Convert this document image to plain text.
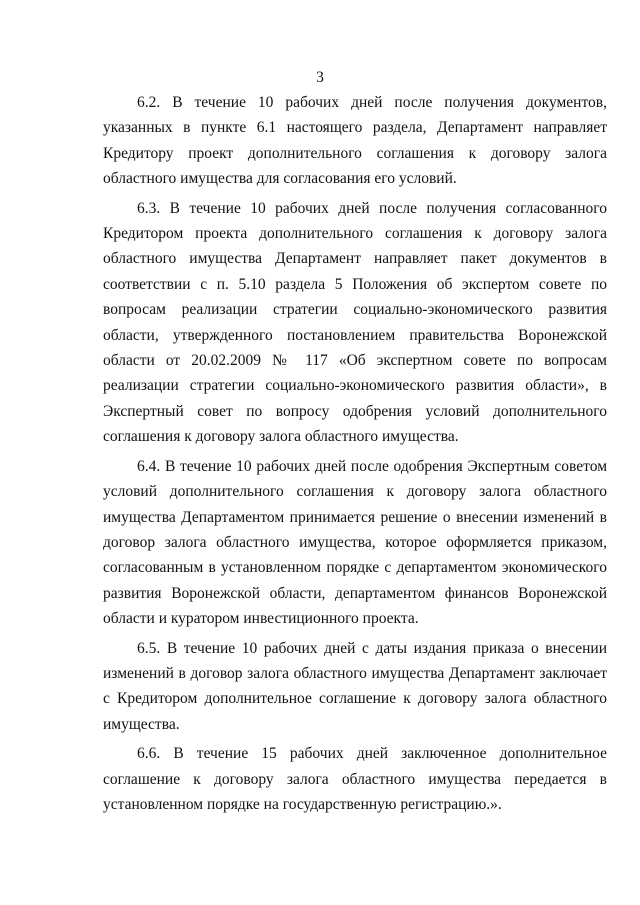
3

6.2. В течение 10 рабочих дней после получения документов, указанных в пункте 6.1 настоящего раздела, Департамент направляет Кредитору проект дополнительного соглашения к договору залога областного имущества для согласования его условий.

6.3. В течение 10 рабочих дней после получения согласованного Кредитором проекта дополнительного соглашения к договору залога областного имущества Департамент направляет пакет документов в соответствии с п. 5.10 раздела 5 Положения об экспертом совете по вопросам реализации стратегии социально-экономического развития области, утвержденного постановлением правительства Воронежской области от 20.02.2009 № 117 «Об экспертном совете по вопросам реализации стратегии социально-экономического развития области», в Экспертный совет по вопросу одобрения условий дополнительного соглашения к договору залога областного имущества.

6.4. В течение 10 рабочих дней после одобрения Экспертным советом условий дополнительного соглашения к договору залога областного имущества Департаментом принимается решение о внесении изменений в договор залога областного имущества, которое оформляется приказом, согласованным в установленном порядке с департаментом экономического развития Воронежской области, департаментом финансов Воронежской области и куратором инвестиционного проекта.

6.5. В течение 10 рабочих дней с даты издания приказа о внесении изменений в договор залога областного имущества Департамент заключает с Кредитором дополнительное соглашение к договору залога областного имущества.

6.6. В течение 15 рабочих дней заключенное дополнительное соглашение к договору залога областного имущества передается в установленном порядке на государственную регистрацию.».
